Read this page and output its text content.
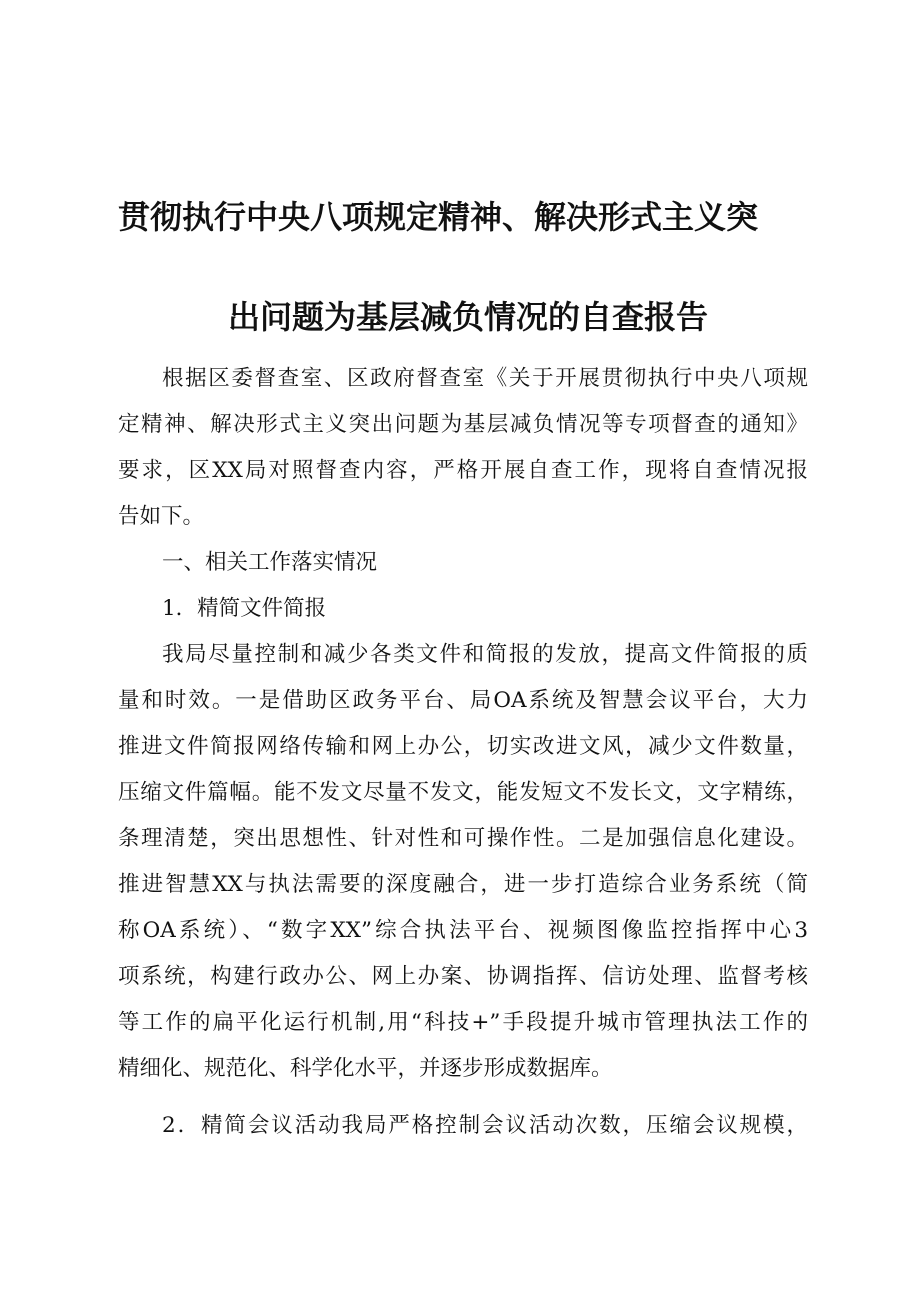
贯彻执行中央八项规定精神、解决形式主义突
出问题为基层减负情况的自查报告
根据区委督查室、区政府督查室《关于开展贯彻执行中央八项规
定精神、解决形式主义突出问题为基层减负情况等专项督查的通知》
要求，区XX局对照督查内容，严格开展自查工作，现将自查情况报
告如下。
一、相关工作落实情况
1．精简文件简报
我局尽量控制和减少各类文件和简报的发放，提高文件简报的质
量和时效。一是借助区政务平台、局OA系统及智慧会议平台，大力
推进文件简报网络传输和网上办公，切实改进文风，减少文件数量，
压缩文件篇幅。能不发文尽量不发文，能发短文不发长文，文字精练，
条理清楚，突出思想性、针对性和可操作性。二是加强信息化建设。
推进智慧XX与执法需要的深度融合，进一步打造综合业务系统（简
称OA系统）、“数字XX”综合执法平台、视频图像监控指挥中心3
项系统，构建行政办公、网上办案、协调指挥、信访处理、监督考核
等工作的扁平化运行机制,用“科技+”手段提升城市管理执法工作的
精细化、规范化、科学化水平，并逐步形成数据库。
2．精简会议活动我局严格控制会议活动次数，压缩会议规模，
